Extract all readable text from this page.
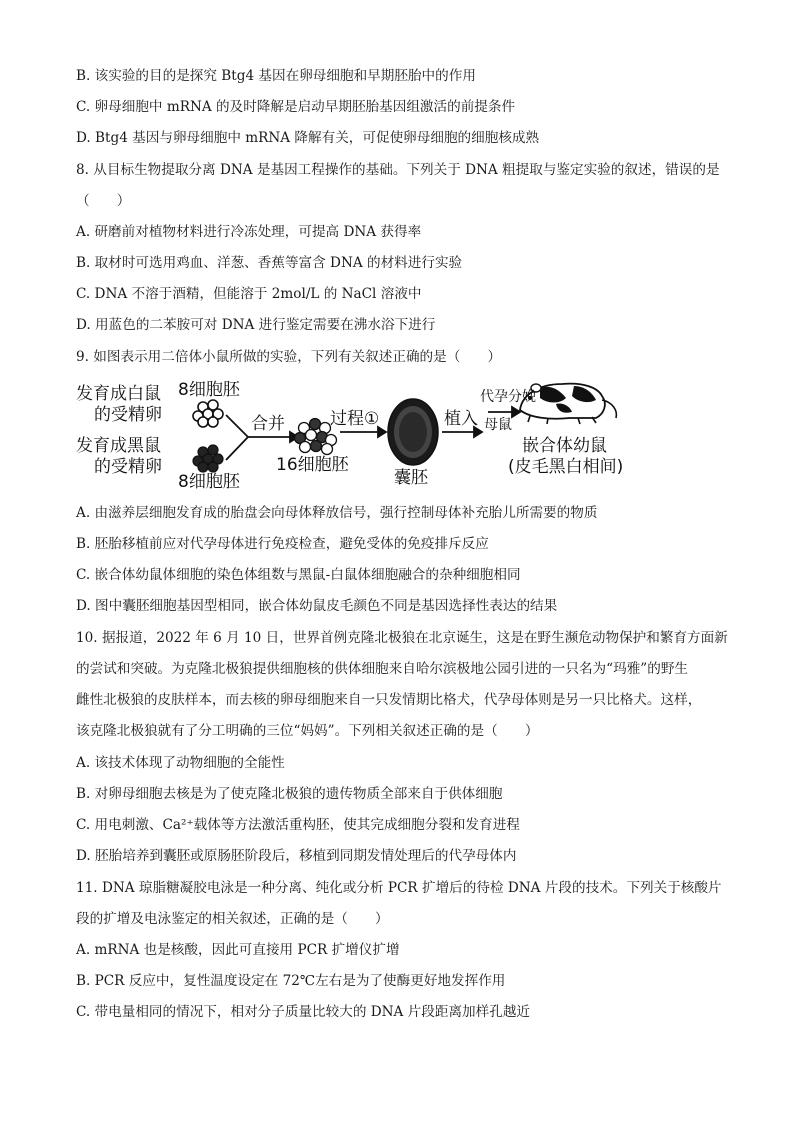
B. 该实验的目的是探究 Btg4 基因在卵母细胞和早期胚胎中的作用
C. 卵母细胞中 mRNA 的及时降解是启动早期胚胎基因组激活的前提条件
D. Btg4 基因与卵母细胞中 mRNA 降解有关，可促使卵母细胞的细胞核成熟
8. 从目标生物提取分离 DNA 是基因工程操作的基础。下列关于 DNA 粗提取与鉴定实验的叙述，错误的是
（　　）
A. 研磨前对植物材料进行冷冻处理，可提高 DNA 获得率
B. 取材时可选用鸡血、洋葱、香蕉等富含 DNA 的材料进行实验
C. DNA 不溶于酒精，但能溶于 2mol/L 的 NaCl 溶液中
D. 用蓝色的二苯胺可对 DNA 进行鉴定需要在沸水浴下进行
9. 如图表示用二倍体小鼠所做的实验，下列有关叙述正确的是（　　）
发育成白鼠
的受精卵
发育成黑鼠
的受精卵
8细胞胚
8细胞胚
合并
16细胞胚
过程①
囊胚
植入
代孕分娩
母鼠
嵌合体幼鼠
(皮毛黑白相间)
A. 由滋养层细胞发育成的胎盘会向母体释放信号，强行控制母体补充胎儿所需要的物质
B. 胚胎移植前应对代孕母体进行免疫检查，避免受体的免疫排斥反应
C. 嵌合体幼鼠体细胞的染色体组数与黑鼠-白鼠体细胞融合的杂种细胞相同
D. 图中囊胚细胞基因型相同，嵌合体幼鼠皮毛颜色不同是基因选择性表达的结果
10. 据报道，2022 年 6 月 10 日，世界首例克隆北极狼在北京诞生，这是在野生濒危动物保护和繁育方面新
的尝试和突破。为克隆北极狼提供细胞核的供体细胞来自哈尔滨极地公园引进的一只名为“玛雅”的野生
雌性北极狼的皮肤样本，而去核的卵母细胞来自一只发情期比格犬，代孕母体则是另一只比格犬。这样，
该克隆北极狼就有了分工明确的三位“妈妈”。下列相关叙述正确的是（　　）
A. 该技术体现了动物细胞的全能性
B. 对卵母细胞去核是为了使克隆北极狼的遗传物质全部来自于供体细胞
C. 用电刺激、Ca²⁺载体等方法激活重构胚，使其完成细胞分裂和发育进程
D. 胚胎培养到囊胚或原肠胚阶段后，移植到同期发情处理后的代孕母体内
11. DNA 琼脂糖凝胶电泳是一种分离、纯化或分析 PCR 扩增后的待检 DNA 片段的技术。下列关于核酸片
段的扩增及电泳鉴定的相关叙述，正确的是（　　）
A. mRNA 也是核酸，因此可直接用 PCR 扩增仪扩增
B. PCR 反应中，复性温度设定在 72℃左右是为了使酶更好地发挥作用
C. 带电量相同的情况下，相对分子质量比较大的 DNA 片段距离加样孔越近
